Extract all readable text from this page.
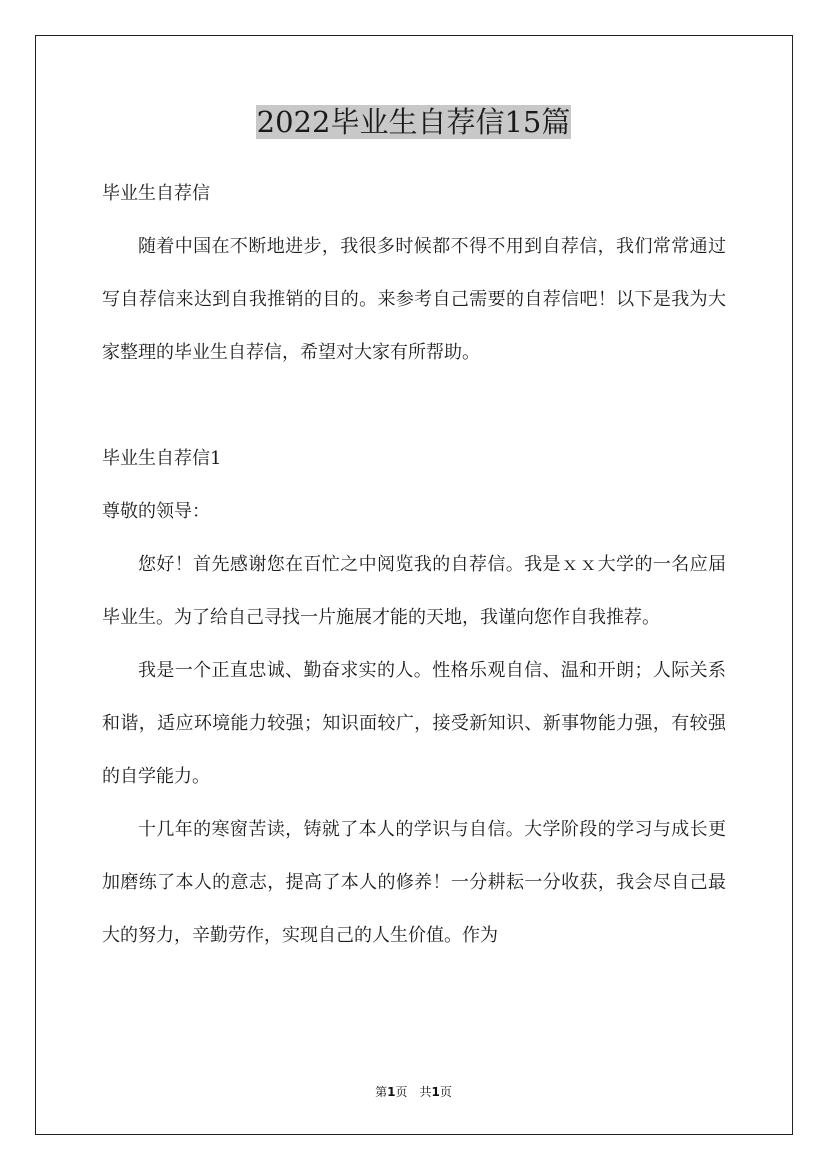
2022毕业生自荐信15篇

毕业生自荐信

随着中国在不断地进步，我很多时候都不得不用到自荐信，我们常常通过写自荐信来达到自我推销的目的。来参考自己需要的自荐信吧！以下是我为大家整理的毕业生自荐信，希望对大家有所帮助。

毕业生自荐信1

尊敬的领导：

您好！首先感谢您在百忙之中阅览我的自荐信。我是ｘｘ大学的一名应届毕业生。为了给自己寻找一片施展才能的天地，我谨向您作自我推荐。

我是一个正直忠诚、勤奋求实的人。性格乐观自信、温和开朗；人际关系和谐，适应环境能力较强；知识面较广，接受新知识、新事物能力强，有较强的自学能力。

十几年的寒窗苦读，铸就了本人的学识与自信。大学阶段的学习与成长更加磨练了本人的意志，提高了本人的修养！一分耕耘一分收获，我会尽自己最大的努力，辛勤劳作，实现自己的人生价值。作为

第1页　共1页
